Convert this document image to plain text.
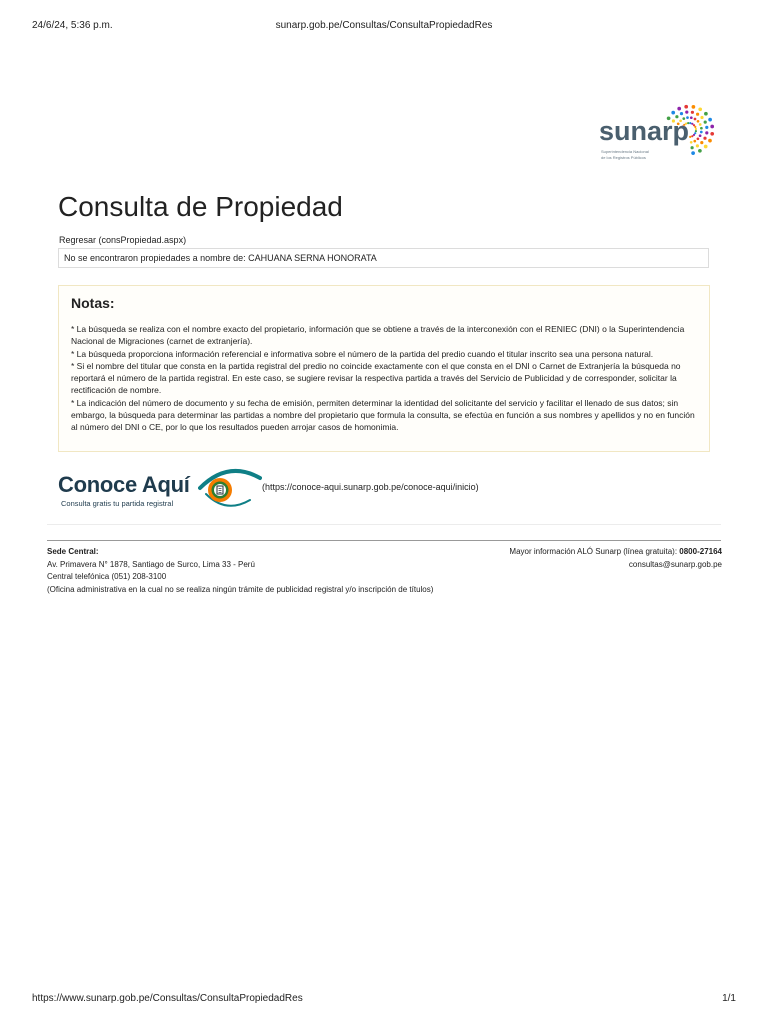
24/6/24, 5:36 p.m.	sunarp.gob.pe/Consultas/ConsultaPropiedadRes
sunarp
Superintendencia Nacional
de los Registros Públicos
Consulta de Propiedad
Regresar (consPropiedad.aspx)
No se encontraron propiedades a nombre de: CAHUANA SERNA HONORATA
Notas:

* La búsqueda se realiza con el nombre exacto del propietario, información que se obtiene a través de la interconexión con el RENIEC (DNI) o la Superintendencia Nacional de Migraciones (carnet de extranjería).

* La búsqueda proporciona información referencial e informativa sobre el número de la partida del predio cuando el titular inscrito sea una persona natural.

* Si el nombre del titular que consta en la partida registral del predio no coincide exactamente con el que consta en el DNI o Carnet de Extranjería la búsqueda no reportará el número de la partida registral. En este caso, se sugiere revisar la respectiva partida a través del Servicio de Publicidad y de corresponder, solicitar la rectificación de nombre.

* La indicación del número de documento y su fecha de emisión, permiten determinar la identidad del solicitante del servicio y facilitar el llenado de sus datos; sin embargo, la búsqueda para determinar las partidas a nombre del propietario que formula la consulta, se efectúa en función a sus nombres y apellidos y no en función al número del DNI o CE, por lo que los resultados pueden arrojar casos de homonimia.

Conoce Aquí
Consulta gratis tu partida registral
(https://conoce-aqui.sunarp.gob.pe/conoce-aqui/inicio)
Sede Central:
Av. Primavera N° 1878, Santiago de Surco, Lima 33 - Perú
Central telefónica (051) 208-3100
(Oficina administrativa en la cual no se realiza ningún trámite de publicidad registral y/o inscripción de títulos)
Mayor información ALÓ Sunarp (línea gratuita): 0800-27164
consultas@sunarp.gob.pe
https://www.sunarp.gob.pe/Consultas/ConsultaPropiedadRes	1/1
